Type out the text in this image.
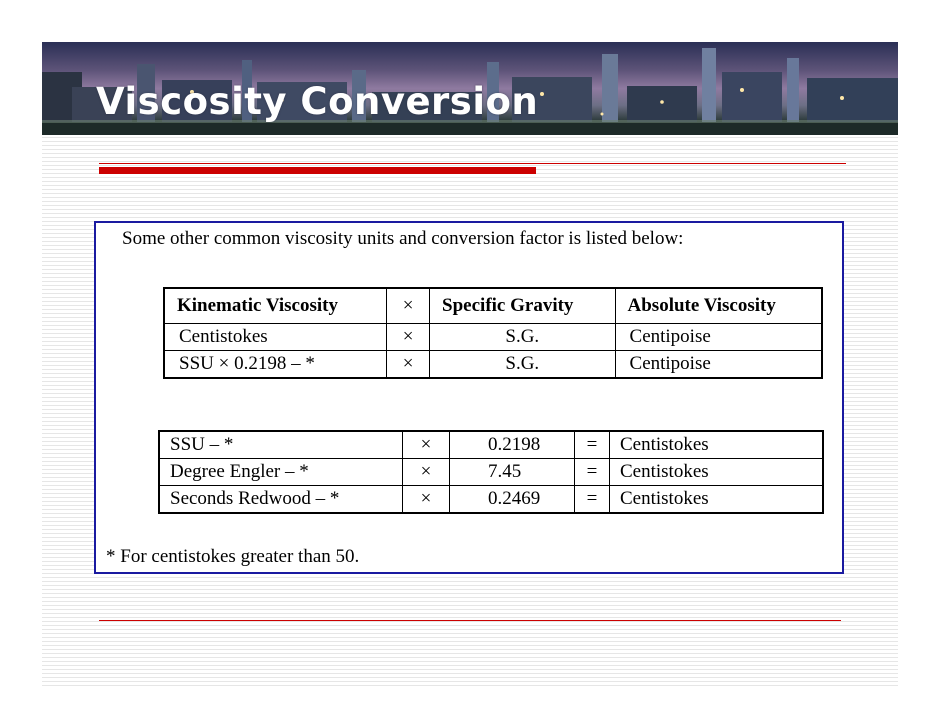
Viscosity Conversion
Some other common viscosity units and conversion factor is listed below:
Kinematic Viscosity	×	Specific Gravity	Absolute Viscosity
Centistokes	×	S.G.	Centipoise
SSU × 0.2198 – *	×	S.G.	Centipoise
SSU – *	×	0.2198	=	Centistokes
Degree Engler – *	×	7.45	=	Centistokes
Seconds Redwood – *	×	0.2469	=	Centistokes
* For centistokes greater than 50.
